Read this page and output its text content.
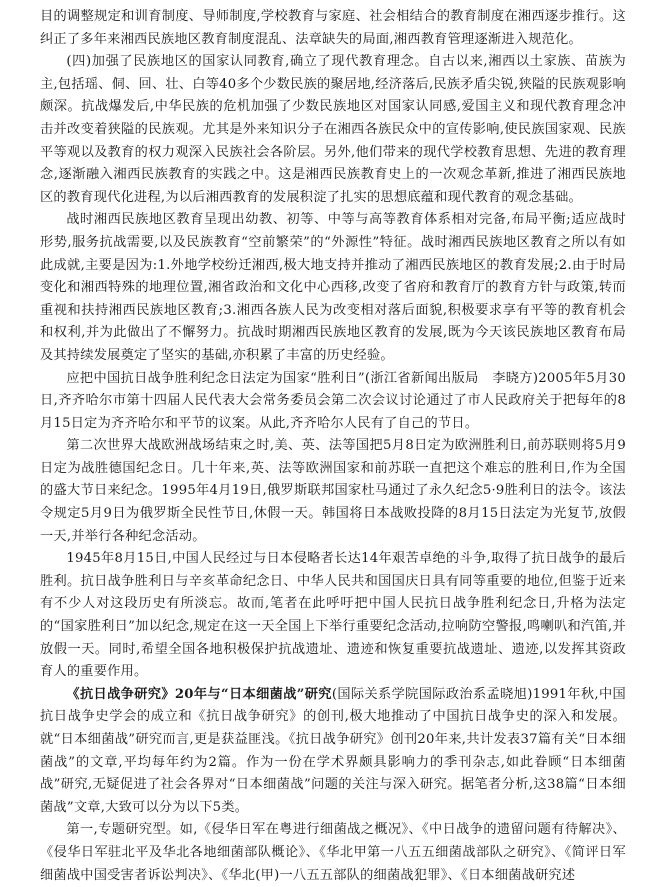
目的调整规定和训育制度、导师制度,学校教育与家庭、社会相结合的教育制度在湘西逐步推行。这纠正了多年来湘西民族地区教育制度混乱、法章缺失的局面,湘西教育管理逐渐进入规范化。

(四)加强了民族地区的国家认同教育,确立了现代教育理念。自古以来,湘西以土家族、苗族为主,包括瑶、侗、回、壮、白等40多个少数民族的聚居地,经济落后,民族矛盾尖锐,狭隘的民族观影响颇深。抗战爆发后,中华民族的危机加强了少数民族地区对国家认同感,爱国主义和现代教育理念冲击并改变着狭隘的民族观。尤其是外来知识分子在湘西各族民众中的宣传影响,使民族国家观、民族平等观以及教育的权力观深入民族社会各阶层。另外,他们带来的现代学校教育思想、先进的教育理念,逐渐融入湘西民族教育的实践之中。这是湘西民族教育史上的一次观念革新,推进了湘西民族地区的教育现代化进程,为以后湘西教育的发展积淀了扎实的思想底蕴和现代教育的观念基础。

战时湘西民族地区教育呈现出幼教、初等、中等与高等教育体系相对完备,布局平衡;适应战时形势,服务抗战需要,以及民族教育“空前繁荣”的“外源性”特征。战时湘西民族地区教育之所以有如此成就,主要是因为:1.外地学校纷迁湘西,极大地支持并推动了湘西民族地区的教育发展;2.由于时局变化和湘西特殊的地理位置,湘省政治和文化中心西移,改变了省府和教育厅的教育方针与政策,转而重视和扶持湘西民族地区教育;3.湘西各族人民为改变相对落后面貌,积极要求享有平等的教育机会和权利,并为此做出了不懈努力。抗战时期湘西民族地区教育的发展,既为今天该民族地区教育布局及其持续发展奠定了坚实的基础,亦积累了丰富的历史经验。

应把中国抗日战争胜利纪念日法定为国家“胜利日”(浙江省新闻出版局　李晓方)2005年5月30日,齐齐哈尔市第十四届人民代表大会常务委员会第二次会议讨论通过了市人民政府关于把每年的8月15日定为齐齐哈尔和平节的议案。从此,齐齐哈尔人民有了自己的节日。

第二次世界大战欧洲战场结束之时,美、英、法等国把5月8日定为欧洲胜利日,前苏联则将5月9日定为战胜德国纪念日。几十年来,英、法等欧洲国家和前苏联一直把这个难忘的胜利日,作为全国的盛大节日来纪念。1995年4月19日,俄罗斯联邦国家杜马通过了永久纪念5·9胜利日的法令。该法令规定5月9日为俄罗斯全民性节日,休假一天。韩国将日本战败投降的8月15日法定为光复节,放假一天,并举行各种纪念活动。

1945年8月15日,中国人民经过与日本侵略者长达14年艰苦卓绝的斗争,取得了抗日战争的最后胜利。抗日战争胜利日与辛亥革命纪念日、中华人民共和国国庆日具有同等重要的地位,但鉴于近来有不少人对这段历史有所淡忘。故而,笔者在此呼吁把中国人民抗日战争胜利纪念日,升格为法定的“国家胜利日”加以纪念,规定在这一天全国上下举行重要纪念活动,拉响防空警报,鸣喇叭和汽笛,并放假一天。同时,希望全国各地积极保护抗战遗址、遗迹和恢复重要抗战遗址、遗迹,以发挥其资政育人的重要作用。

《抗日战争研究》20年与“日本细菌战”研究(国际关系学院国际政治系孟晓旭)1991年秋,中国抗日战争史学会的成立和《抗日战争研究》的创刊,极大地推动了中国抗日战争史的深入和发展。就“日本细菌战”研究而言,更是获益匪浅。《抗日战争研究》创刊20年来,共计发表37篇有关“日本细菌战”的文章,平均每年约为2篇。作为一份在学术界颇具影响力的季刊杂志,如此眷顾“日本细菌战”研究,无疑促进了社会各界对“日本细菌战”问题的关注与深入研究。据笔者分析,这38篇“日本细菌战”文章,大致可以分为以下5类。

第一,专题研究型。如,《侵华日军在粤进行细菌战之概况》、《中日战争的遗留问题有待解决》、《侵华日军驻北平及华北各地细菌部队概论》、《华北甲第一八五五细菌战部队之研究》、《简评日军细菌战中国受害者诉讼判决》、《华北(甲)一八五五部队的细菌战犯罪》、《日本细菌战研究述
